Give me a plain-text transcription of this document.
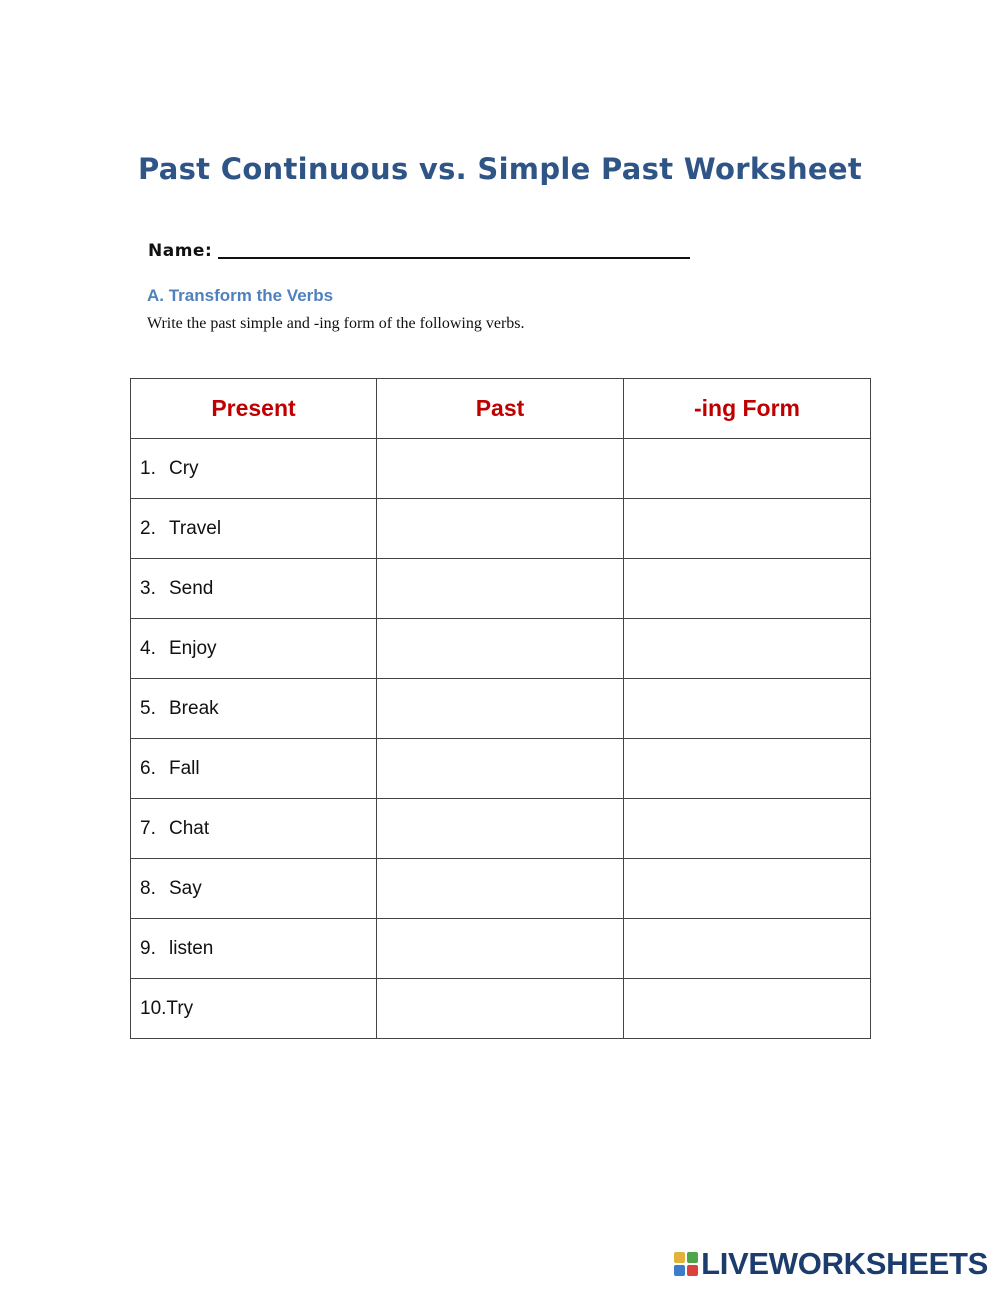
Past Continuous vs. Simple Past Worksheet
Name:
A. Transform the Verbs

Write the past simple and -ing form of the following verbs.

Present	Past	-ing Form
1. Cry		
2. Travel		
3. Send		
4. Enjoy		
5. Break		
6. Fall		
7. Chat		
8. Say		
9. listen		
10.Try		
LIVEWORKSHEETS
